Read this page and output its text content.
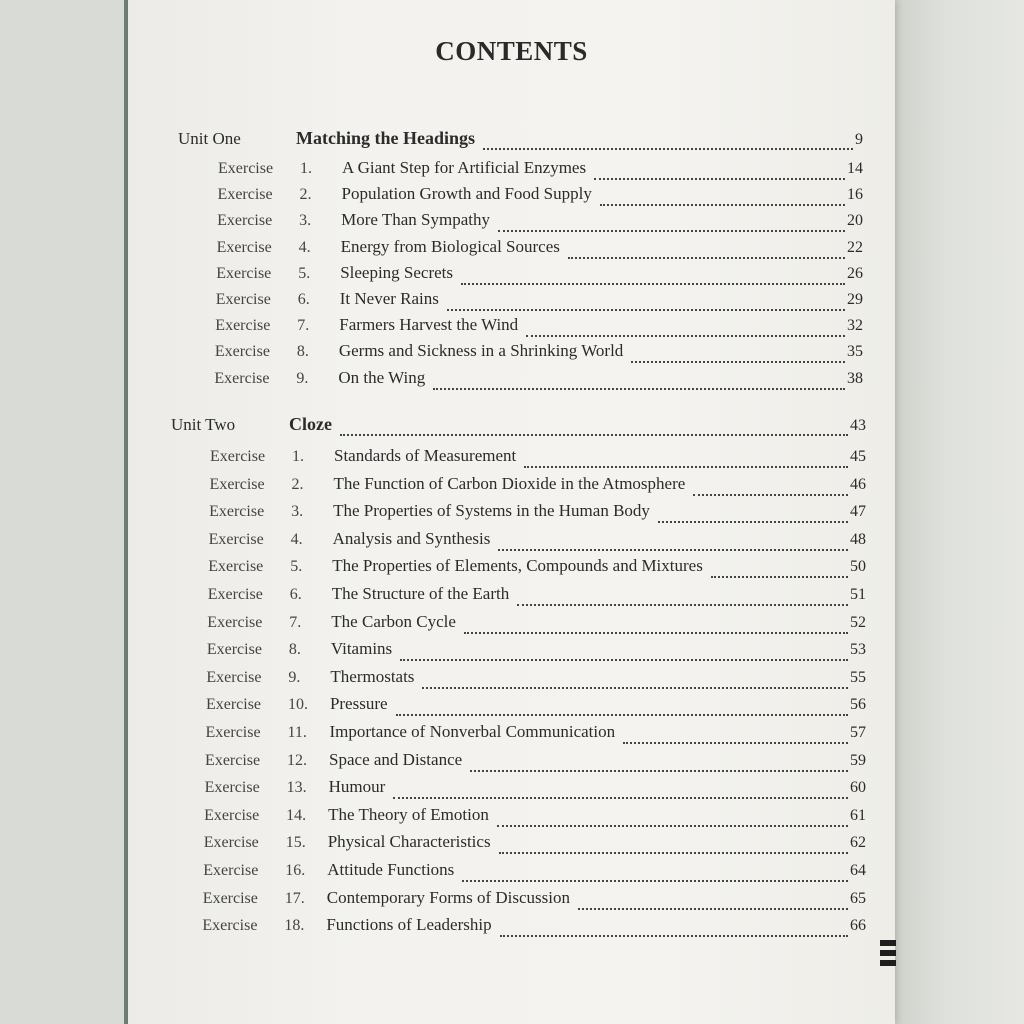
CONTENTS
Unit One	Matching the Headings	9
Exercise	1.	A Giant Step for Artificial Enzymes	14
Exercise	2.	Population Growth and Food Supply	16
Exercise	3.	More Than Sympathy	20
Exercise	4.	Energy from Biological Sources	22
Exercise	5.	Sleeping Secrets	26
Exercise	6.	It Never Rains	29
Exercise	7.	Farmers Harvest the Wind	32
Exercise	8.	Germs and Sickness in a Shrinking World	35
Exercise	9.	On the Wing	38
Unit Two	Cloze	43
Exercise	1.	Standards of Measurement	45
Exercise	2.	The Function of Carbon Dioxide in the Atmosphere	46
Exercise	3.	The Properties of Systems in the Human Body	47
Exercise	4.	Analysis and Synthesis	48
Exercise	5.	The Properties of Elements, Compounds and Mixtures	50
Exercise	6.	The Structure of the Earth	51
Exercise	7.	The Carbon Cycle	52
Exercise	8.	Vitamins	53
Exercise	9.	Thermostats	55
Exercise	10.	Pressure	56
Exercise	11.	Importance of Nonverbal Communication	57
Exercise	12.	Space and Distance	59
Exercise	13.	Humour	60
Exercise	14.	The Theory of Emotion	61
Exercise	15.	Physical Characteristics	62
Exercise	16.	Attitude Functions	64
Exercise	17.	Contemporary Forms of Discussion	65
Exercise	18.	Functions of Leadership	66
